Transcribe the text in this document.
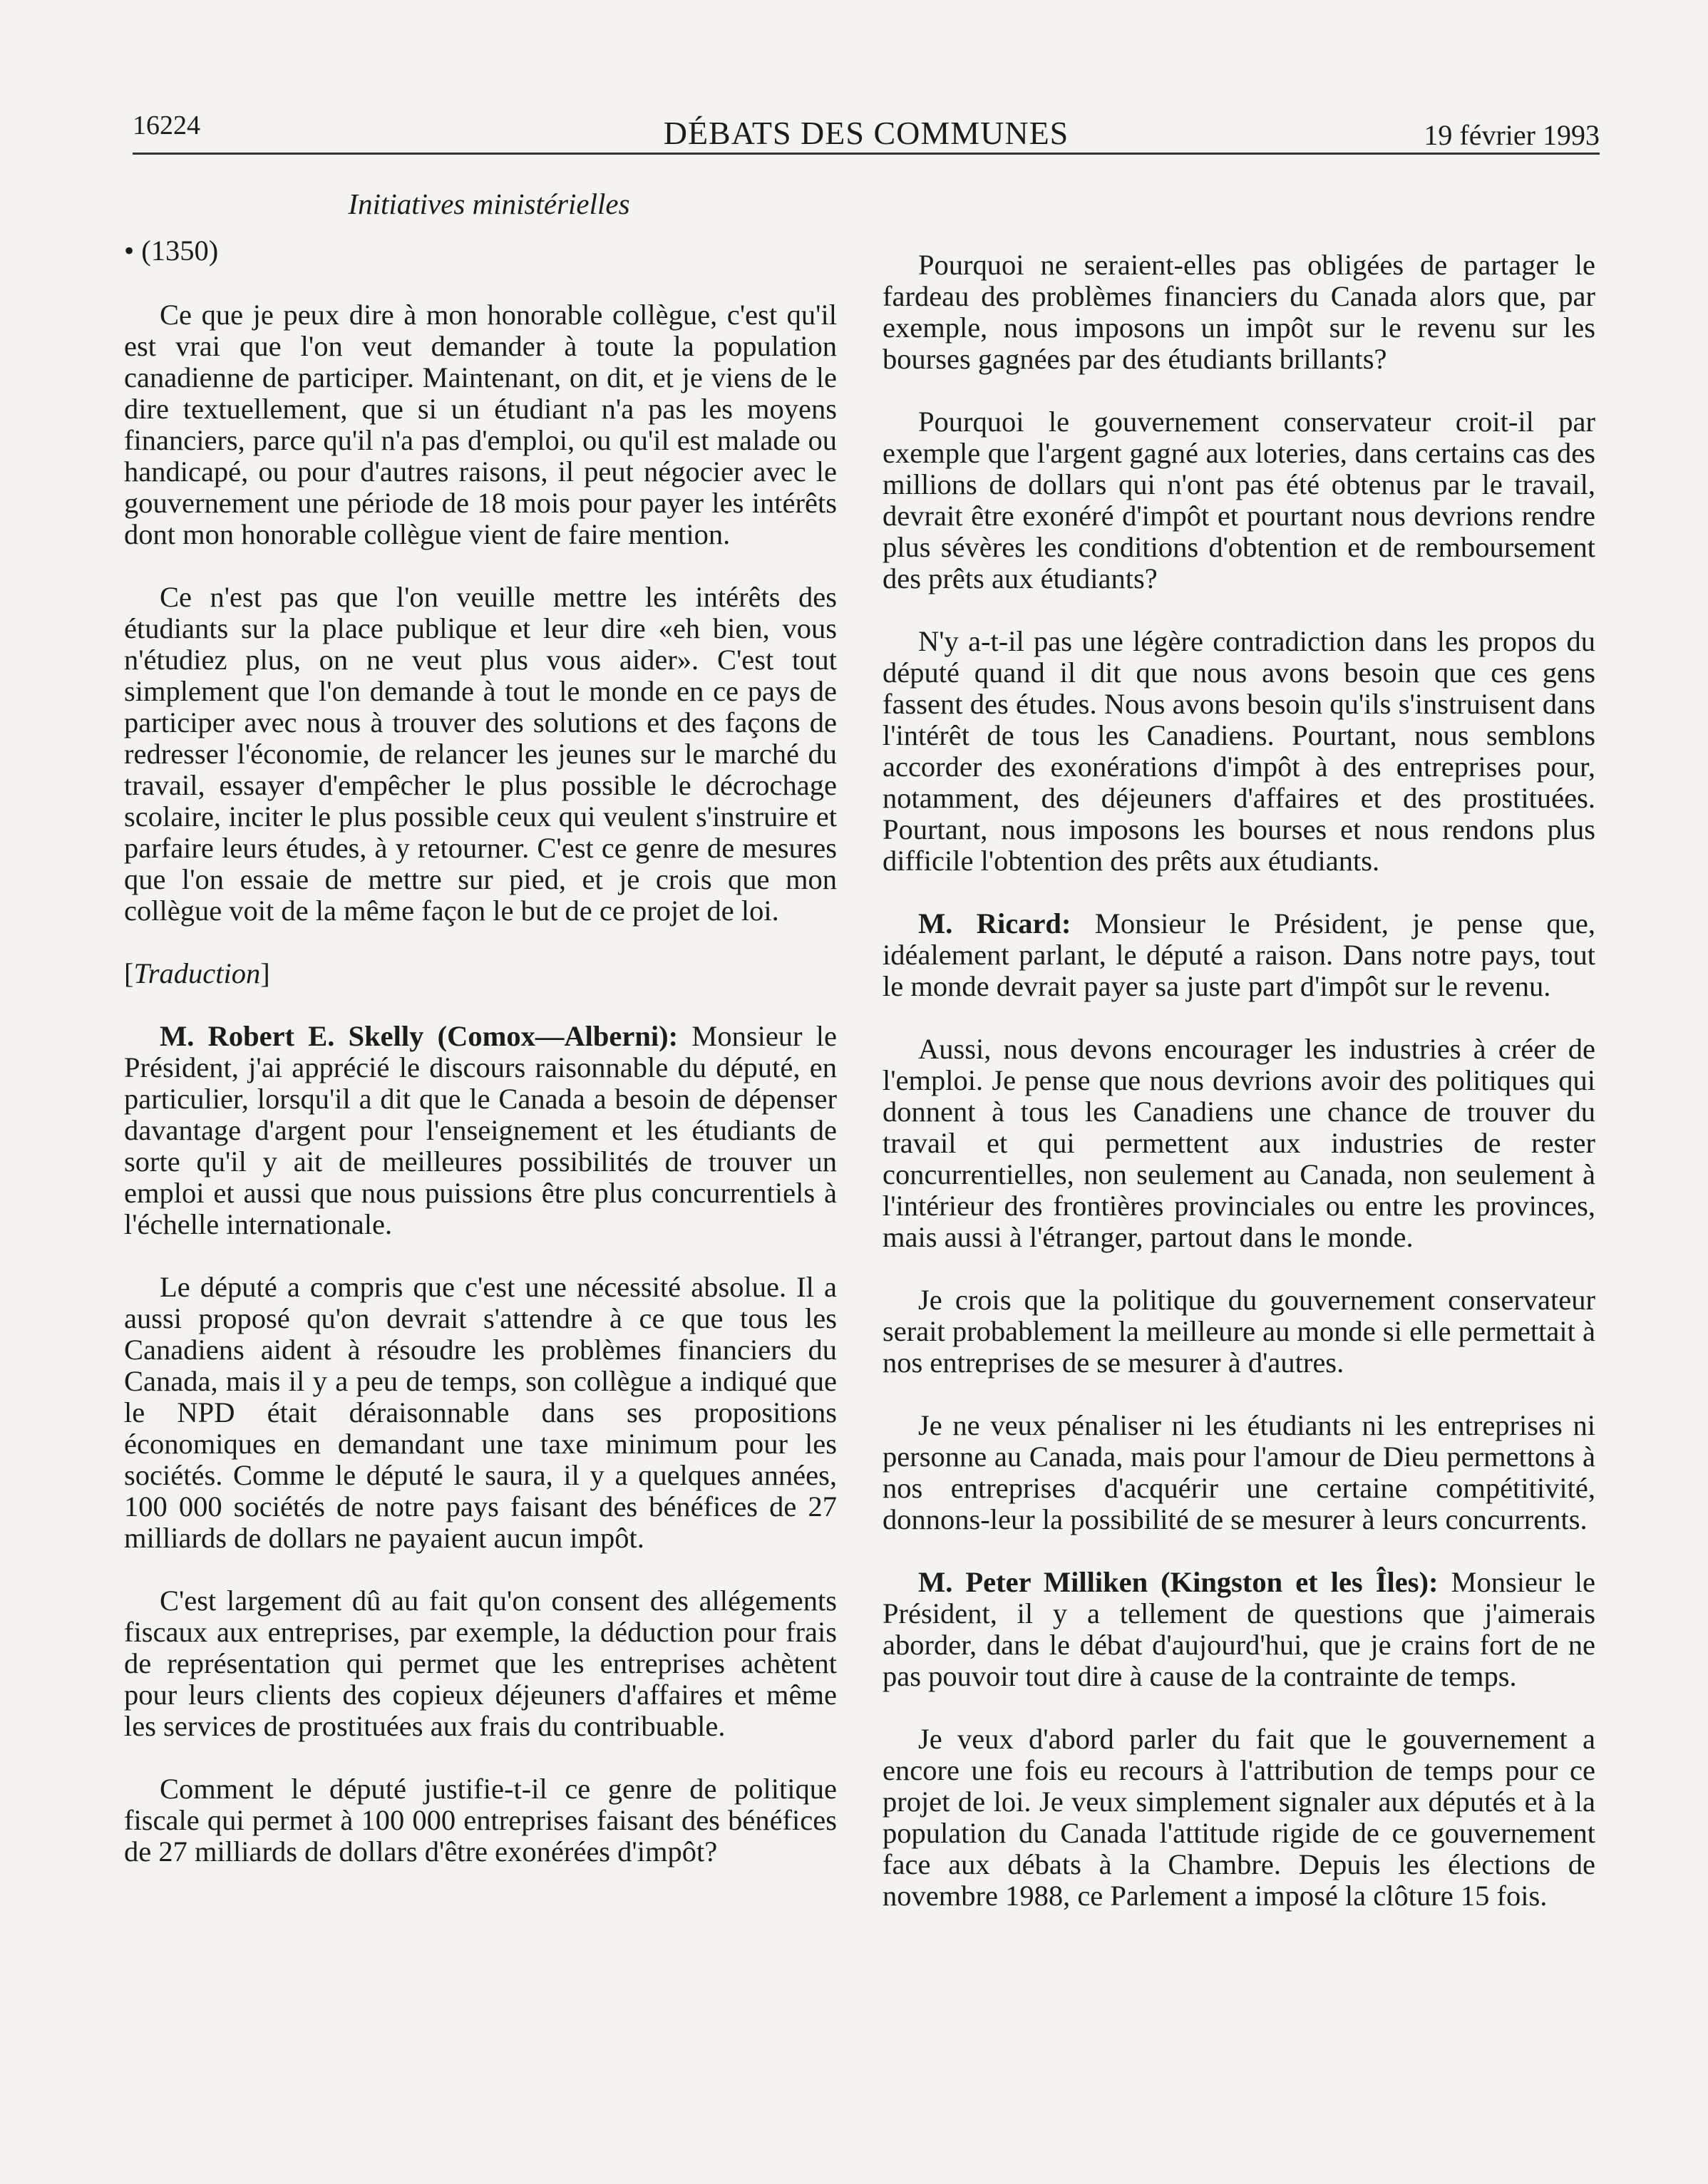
16224	DÉBATS DES COMMUNES	19 février 1993
Initiatives ministérielles

• (1350)

Ce que je peux dire à mon honorable collègue, c'est qu'il est vrai que l'on veut demander à toute la population canadienne de participer. Maintenant, on dit, et je viens de le dire textuellement, que si un étudiant n'a pas les moyens financiers, parce qu'il n'a pas d'emploi, ou qu'il est malade ou handicapé, ou pour d'autres raisons, il peut négocier avec le gouvernement une période de 18 mois pour payer les intérêts dont mon honorable collègue vient de faire mention.

Ce n'est pas que l'on veuille mettre les intérêts des étudiants sur la place publique et leur dire «eh bien, vous n'étudiez plus, on ne veut plus vous aider». C'est tout simplement que l'on demande à tout le monde en ce pays de participer avec nous à trouver des solutions et des façons de redresser l'économie, de relancer les jeunes sur le marché du travail, essayer d'empêcher le plus possible le décrochage scolaire, inciter le plus possible ceux qui veulent s'instruire et parfaire leurs études, à y retourner. C'est ce genre de mesures que l'on essaie de mettre sur pied, et je crois que mon collègue voit de la même façon le but de ce projet de loi.

[Traduction]

M. Robert E. Skelly (Comox—Alberni): Monsieur le Président, j'ai apprécié le discours raisonnable du député, en particulier, lorsqu'il a dit que le Canada a besoin de dépenser davantage d'argent pour l'enseignement et les étudiants de sorte qu'il y ait de meilleures possibilités de trouver un emploi et aussi que nous puissions être plus concurrentiels à l'échelle internationale.

Le député a compris que c'est une nécessité absolue. Il a aussi proposé qu'on devrait s'attendre à ce que tous les Canadiens aident à résoudre les problèmes financiers du Canada, mais il y a peu de temps, son collègue a indiqué que le NPD était déraisonnable dans ses propositions économiques en demandant une taxe minimum pour les sociétés. Comme le député le saura, il y a quelques années, 100 000 sociétés de notre pays faisant des bénéfices de 27 milliards de dollars ne payaient aucun impôt.

C'est largement dû au fait qu'on consent des allégements fiscaux aux entreprises, par exemple, la déduction pour frais de représentation qui permet que les entreprises achètent pour leurs clients des copieux déjeuners d'affaires et même les services de prostituées aux frais du contribuable.

Comment le député justifie-t-il ce genre de politique fiscale qui permet à 100 000 entreprises faisant des bénéfices de 27 milliards de dollars d'être exonérées d'impôt?

Pourquoi ne seraient-elles pas obligées de partager le fardeau des problèmes financiers du Canada alors que, par exemple, nous imposons un impôt sur le revenu sur les bourses gagnées par des étudiants brillants?

Pourquoi le gouvernement conservateur croit-il par exemple que l'argent gagné aux loteries, dans certains cas des millions de dollars qui n'ont pas été obtenus par le travail, devrait être exonéré d'impôt et pourtant nous devrions rendre plus sévères les conditions d'obtention et de remboursement des prêts aux étudiants?

N'y a-t-il pas une légère contradiction dans les propos du député quand il dit que nous avons besoin que ces gens fassent des études. Nous avons besoin qu'ils s'instruisent dans l'intérêt de tous les Canadiens. Pourtant, nous semblons accorder des exonérations d'impôt à des entreprises pour, notamment, des déjeuners d'affaires et des prostituées. Pourtant, nous imposons les bourses et nous rendons plus difficile l'obtention des prêts aux étudiants.

M. Ricard: Monsieur le Président, je pense que, idéalement parlant, le député a raison. Dans notre pays, tout le monde devrait payer sa juste part d'impôt sur le revenu.

Aussi, nous devons encourager les industries à créer de l'emploi. Je pense que nous devrions avoir des politiques qui donnent à tous les Canadiens une chance de trouver du travail et qui permettent aux industries de rester concurrentielles, non seulement au Canada, non seulement à l'intérieur des frontières provinciales ou entre les provinces, mais aussi à l'étranger, partout dans le monde.

Je crois que la politique du gouvernement conservateur serait probablement la meilleure au monde si elle permettait à nos entreprises de se mesurer à d'autres.

Je ne veux pénaliser ni les étudiants ni les entreprises ni personne au Canada, mais pour l'amour de Dieu permettons à nos entreprises d'acquérir une certaine compétitivité, donnons-leur la possibilité de se mesurer à leurs concurrents.

M. Peter Milliken (Kingston et les Îles): Monsieur le Président, il y a tellement de questions que j'aimerais aborder, dans le débat d'aujourd'hui, que je crains fort de ne pas pouvoir tout dire à cause de la contrainte de temps.

Je veux d'abord parler du fait que le gouvernement a encore une fois eu recours à l'attribution de temps pour ce projet de loi. Je veux simplement signaler aux députés et à la population du Canada l'attitude rigide de ce gouvernement face aux débats à la Chambre. Depuis les élections de novembre 1988, ce Parlement a imposé la clôture 15 fois.
